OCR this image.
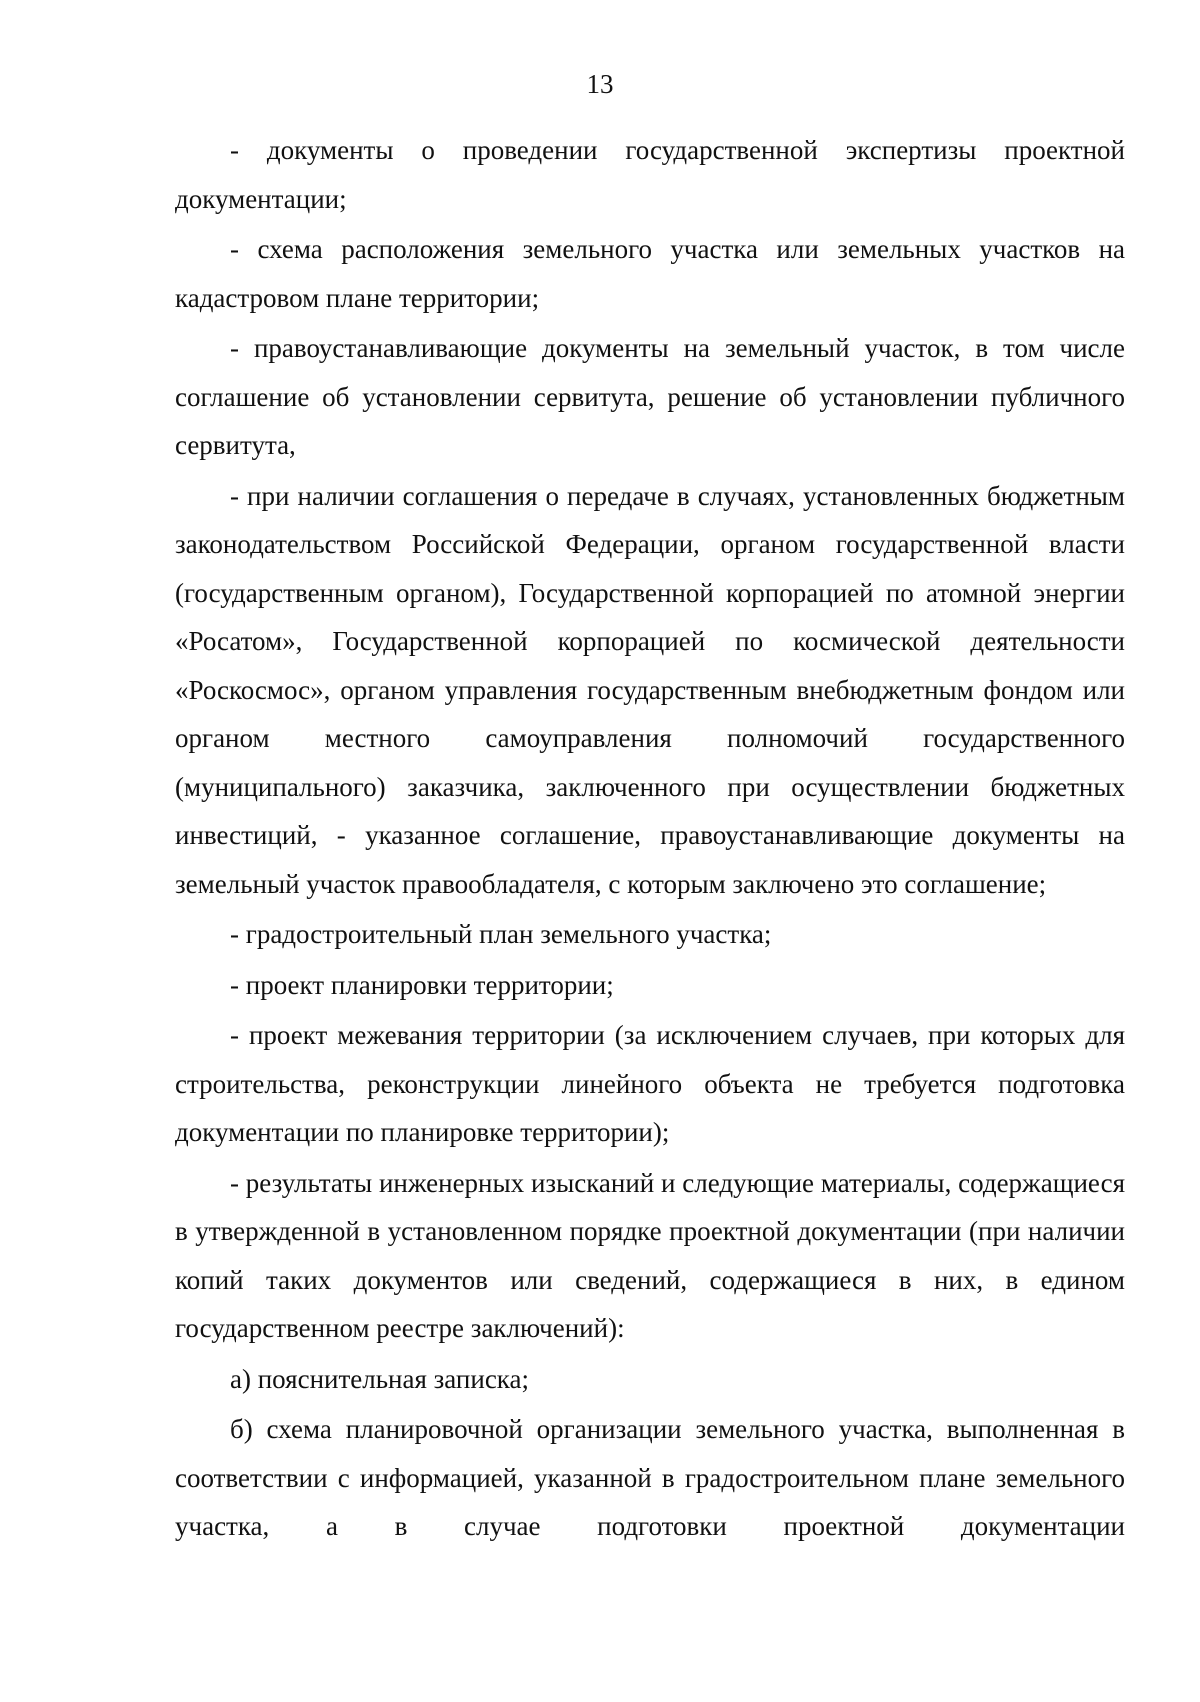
13

- документы о проведении государственной экспертизы проектной документации;

- схема расположения земельного участка или земельных участков на кадастровом плане территории;

- правоустанавливающие документы на земельный участок, в том числе соглашение об установлении сервитута, решение об установлении публичного сервитута,

- при наличии соглашения о передаче в случаях, установленных бюджетным законодательством Российской Федерации, органом государственной власти (государственным органом), Государственной корпорацией по атомной энергии «Росатом», Государственной корпорацией по космической деятельности «Роскосмос», органом управления государственным внебюджетным фондом или органом местного самоуправления полномочий государственного (муниципального) заказчика, заключенного при осуществлении бюджетных инвестиций, - указанное соглашение, правоустанавливающие документы на земельный участок правообладателя, с которым заключено это соглашение;

- градостроительный план земельного участка;

- проект планировки территории;

- проект межевания территории (за исключением случаев, при которых для строительства, реконструкции линейного объекта не требуется подготовка документации по планировке территории);

- результаты инженерных изысканий и следующие материалы, содержащиеся в утвержденной в установленном порядке проектной документации (при наличии копий таких документов или сведений, содержащиеся в них, в едином государственном реестре заключений):

а) пояснительная записка;

б) схема планировочной организации земельного участка, выполненная в соответствии с информацией, указанной в градостроительном плане земельного участка, а в случае подготовки проектной документации
